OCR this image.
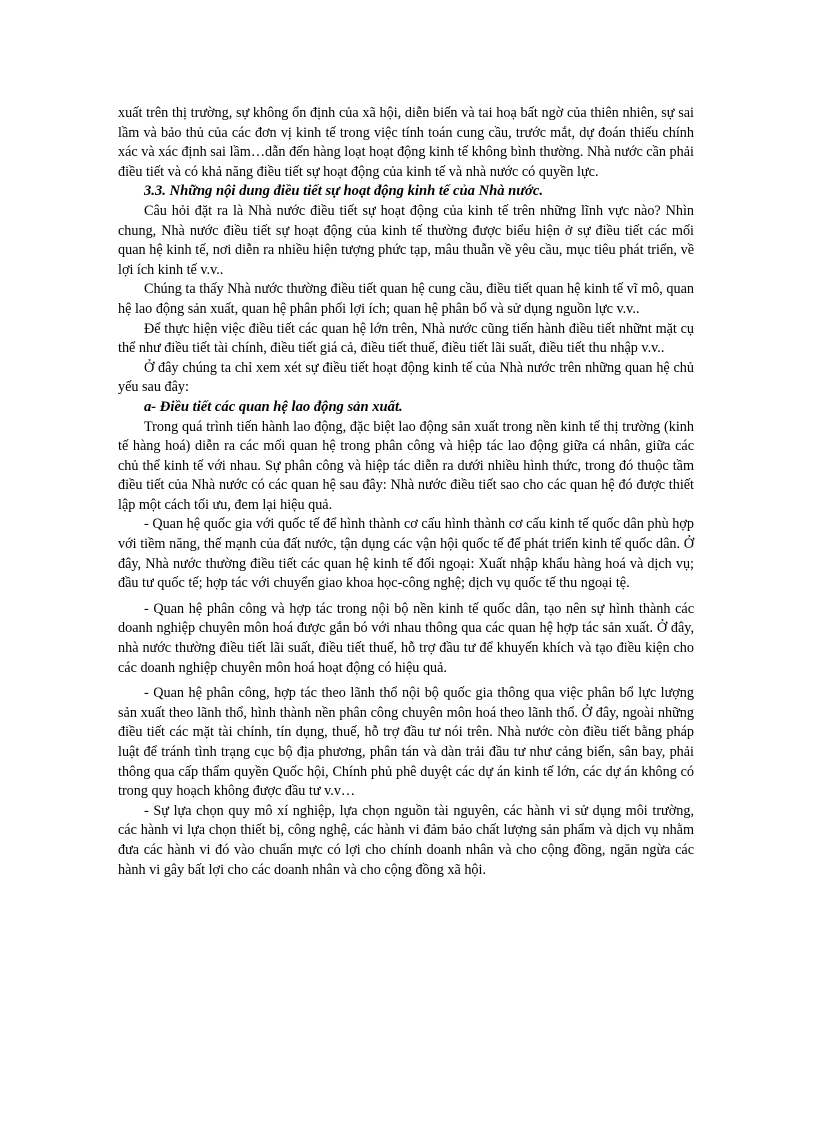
xuất trên thị trường, sự không ổn định của xã hội, diễn biến và tai hoạ bất ngờ của thiên nhiên, sự sai lầm và bảo thủ của các đơn vị kinh tế trong việc tính toán cung cầu, trước mắt, dự đoán thiếu chính xác và xác định sai lầm…dẫn đến hàng loạt hoạt động kinh tế không bình thường. Nhà nước cần phải điều tiết và có khả năng điều tiết sự hoạt động của kinh tế và nhà nước có quyền lực.

3.3. Những nội dung điều tiết sự hoạt động kinh tế của Nhà nước.

Câu hỏi đặt ra là Nhà nước điều tiết sự hoạt động của kinh tế trên những lĩnh vực nào? Nhìn chung, Nhà nước điều tiết sự hoạt động của kinh tế thường được biểu hiện ở sự điều tiết các mối quan hệ kinh tế, nơi diễn ra nhiều hiện tượng phức tạp, mâu thuẫn về yêu cầu, mục tiêu phát triển, về lợi ích kinh tế v.v..

Chúng ta thấy Nhà nước thường điều tiết quan hệ cung cầu, điều tiết quan hệ kinh tế vĩ mô, quan hệ lao động sản xuất, quan hệ phân phối lợi ích; quan hệ phân bổ và sử dụng nguồn lực v.v..

Để thực hiện việc điều tiết các quan hệ lớn trên, Nhà nước cũng tiến hành điều tiết nhữnt mặt cụ thể như điều tiết tài chính, điều tiết giá cả, điều tiết thuế, điều tiết lãi suất, điều tiết thu nhập v.v..

Ở đây chúng ta chỉ xem xét sự điều tiết hoạt động kinh tế của Nhà nước trên những quan hệ chủ yếu sau đây:

a- Điều tiết các quan hệ lao động sản xuất.

Trong quá trình tiến hành lao động, đặc biệt lao động sản xuất trong nền kinh tế thị trường (kinh tế hàng hoá) diễn ra các mối quan hệ trong phân công và hiệp tác lao động giữa cá nhân, giữa các chủ thể kinh tế với nhau. Sự phân công và hiệp tác diễn ra dưới nhiều hình thức, trong đó thuộc tầm điều tiết của Nhà nước có các quan hệ sau đây: Nhà nước điều tiết sao cho các quan hệ đó được thiết lập một cách tối ưu, đem lại hiệu quả.

- Quan hệ quốc gia với quốc tế để hình thành cơ cấu hình thành cơ cấu kinh tế quốc dân phù hợp với tiềm năng, thế mạnh của đất nước, tận dụng các vận hội quốc tế để phát triển kinh tế quốc dân. Ở đây, Nhà nước thường điều tiết các quan hệ kinh tế đối ngoại: Xuất nhập khẩu hàng hoá và dịch vụ; đầu tư quốc tế; hợp tác với chuyển giao khoa học-công nghệ; dịch vụ quốc tế thu ngoại tệ.

- Quan hệ phân công và hợp tác trong nội bộ nền kinh tế quốc dân, tạo nên sự hình thành các doanh nghiệp chuyên môn hoá được gắn bó với nhau thông qua các quan hệ hợp tác sản xuất. Ở đây, nhà nước thường điều tiết lãi suất, điều tiết thuế, hỗ trợ đầu tư để khuyến khích và tạo điều kiện cho các doanh nghiệp chuyên môn hoá hoạt động có hiệu quả.

- Quan hệ phân công, hợp tác theo lãnh thổ nội bộ quốc gia thông qua việc phân bổ lực lượng sản xuất theo lãnh thổ, hình thành nền phân công chuyên môn hoá theo lãnh thổ. Ở đây, ngoài những điều tiết các mặt tài chính, tín dụng, thuế, hỗ trợ đầu tư nói trên. Nhà nước còn điều tiết bằng pháp luật để tránh tình trạng cục bộ địa phương, phân tán và dàn trải đầu tư như cảng biển, sân bay, phải thông qua cấp thẩm quyền Quốc hội, Chính phủ phê duyệt các dự án kinh tế lớn, các dự án không có trong quy hoạch không được đầu tư v.v…

- Sự lựa chọn quy mô xí nghiệp, lựa chọn nguồn tài nguyên, các hành vi sử dụng môi trường, các hành vi lựa chọn thiết bị, công nghệ, các hành vi đảm bảo chất lượng sản phẩm và dịch vụ nhằm đưa các hành vi đó vào chuẩn mực có lợi cho chính doanh nhân và cho cộng đồng, ngăn ngừa các hành vi gây bất lợi cho các doanh nhân và cho cộng đồng xã hội.
